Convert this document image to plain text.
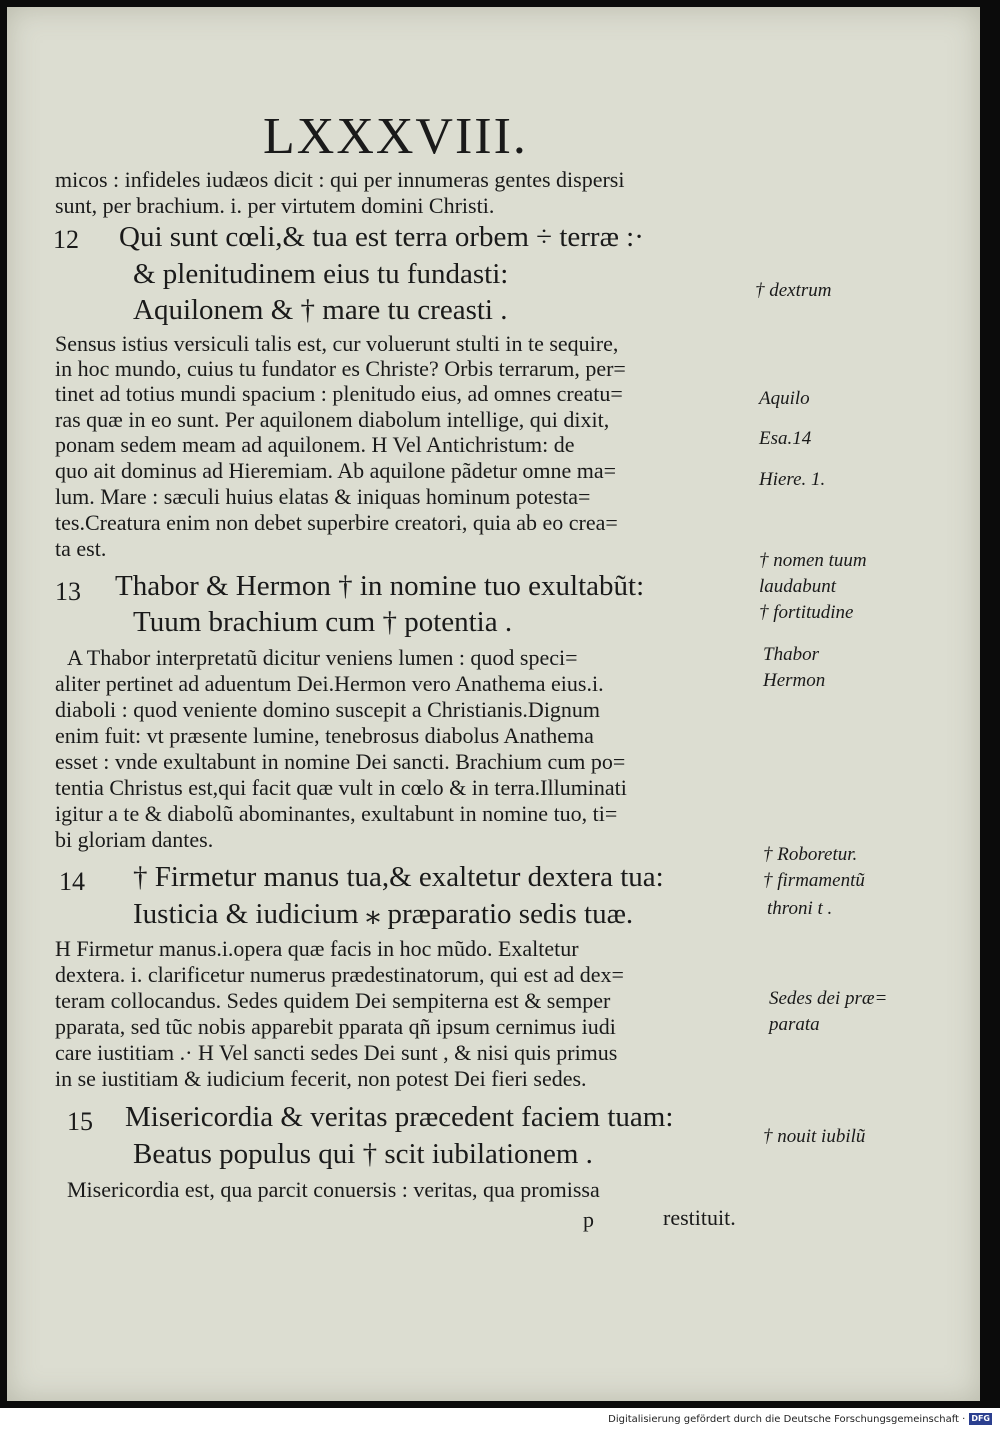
LXXXVIII.
micos : infideles iudæos dicit : qui per innumeras gentes dispersi
sunt, per brachium. i. per virtutem domini Christi.
12 Qui sunt cœli,& tua est terra orbem ÷ terræ :·
& plenitudinem eius tu fundasti:
Aquilonem & † mare tu creasti .
Sensus istius versiculi talis est, cur voluerunt stulti in te sequire,
in hoc mundo, cuius tu fundator es Christe? Orbis terrarum, per=
tinet ad totius mundi spacium : plenitudo eius, ad omnes creatu=
ras quæ in eo sunt. Per aquilonem diabolum intellige, qui dixit,
ponam sedem meam ad aquilonem. H Vel Antichristum: de
quo ait dominus ad Hieremiam. Ab aquilone pãdetur omne ma=
lum. Mare : sæculi huius elatas & iniquas hominum potesta=
tes.Creatura enim non debet superbire creatori, quia ab eo crea=
ta est.
13 Thabor & Hermon † in nomine tuo exultabũt:
Tuum brachium cum † potentia .
A Thabor interpretatũ dicitur veniens lumen : quod speci=
aliter pertinet ad aduentum Dei.Hermon vero Anathema eius.i.
diaboli : quod veniente domino suscepit a Christianis.Dignum
enim fuit: vt præsente lumine, tenebrosus diabolus Anathema
esset : vnde exultabunt in nomine Dei sancti. Brachium cum po=
tentia Christus est,qui facit quæ vult in cœlo & in terra.Illuminati
igitur a te & diabolũ abominantes, exultabunt in nomine tuo, ti=
bi gloriam dantes.
14 † Firmetur manus tua,& exaltetur dextera tua:
Iusticia & iudicium ⁎ præparatio sedis tuæ.
H Firmetur manus.i.opera quæ facis in hoc mũdo. Exaltetur
dextera. i. clarificetur numerus prædestinatorum, qui est ad dex=
teram collocandus. Sedes quidem Dei sempiterna est & semper
pparata, sed tũc nobis apparebit pparata qñ ipsum cernimus iudi
care iustitiam .· H Vel sancti sedes Dei sunt , & nisi quis primus
in se iustitiam & iudicium fecerit, non potest Dei fieri sedes.
15 Misericordia & veritas præcedent faciem tuam:
Beatus populus qui † scit iubilationem .
Misericordia est, qua parcit conuersis : veritas, qua promissa
p	restituit.
† dextrum
Aquilo
Esa.14
Hiere. 1.
† nomen tuum
laudabunt
† fortitudine
Thabor
Hermon
† Roboretur.
† firmamentũ
throni t .
Sedes dei præ=
parata
† nouit iubilũ
Digitalisierung gefördert durch die Deutsche Forschungsgemeinschaft · DFG
